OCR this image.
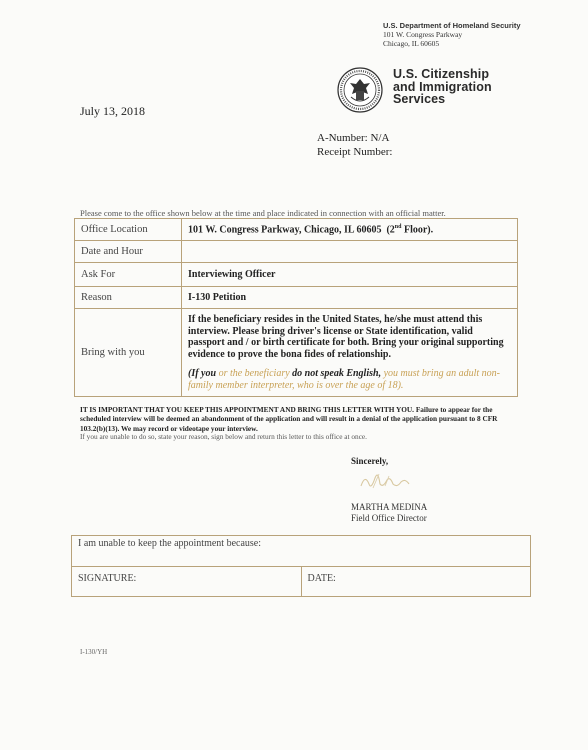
U.S. Department of Homeland Security
101 W. Congress Parkway
Chicago, IL 60605
U.S. Citizenship
and Immigration
Services
July 13, 2018
A-Number: N/A
Receipt Number:
Please come to the office shown below at the time and place indicated in connection with an official matter.
Office Location	101 W. Congress Parkway, Chicago, IL 60605  (2nd Floor).
Date and Hour	
Ask For	Interviewing Officer
Reason	I-130 Petition
Bring with you	If the beneficiary resides in the United States, he/she must attend this interview. Please bring driver's license or State identification, valid passport and / or birth certificate for both. Bring your original supporting evidence to prove the bona fides of relationship.
(If you or the beneficiary do not speak English, you must bring an adult non-family member interpreter, who is over the age of 18).
IT IS IMPORTANT THAT YOU KEEP THIS APPOINTMENT AND BRING THIS LETTER WITH YOU. Failure to appear for the scheduled interview will be deemed an abandonment of the application and will result in a denial of the application pursuant to 8 CFR 103.2(b)(13). We may record or videotape your interview.
If you are unable to do so, state your reason, sign below and return this letter to this office at once.
Sincerely,
MARTHA MEDINA
Field Office Director
I am unable to keep the appointment because:
SIGNATURE:	DATE:
I-130/YH
